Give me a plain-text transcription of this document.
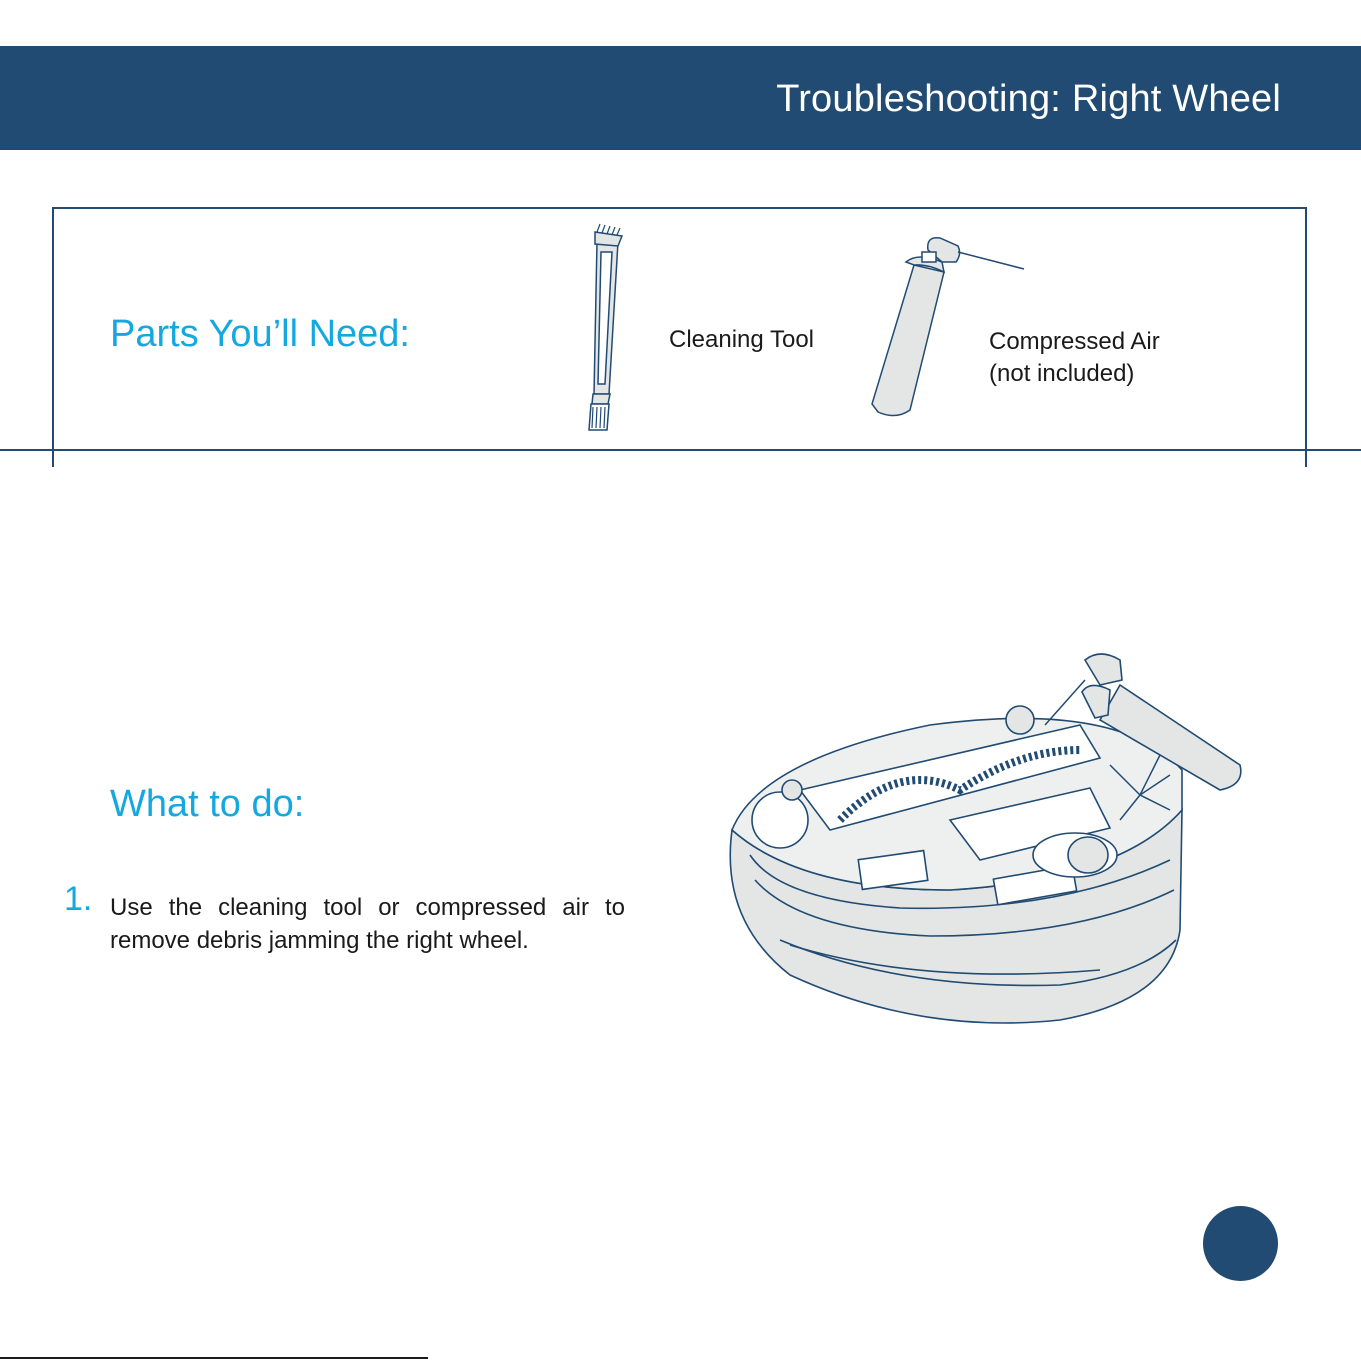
Troubleshooting: Right Wheel
Parts You’ll Need:	Cleaning Tool	Compressed Air
(not included)
What to do:
1. Use the cleaning tool or compressed air to remove debris jamming the right wheel.
